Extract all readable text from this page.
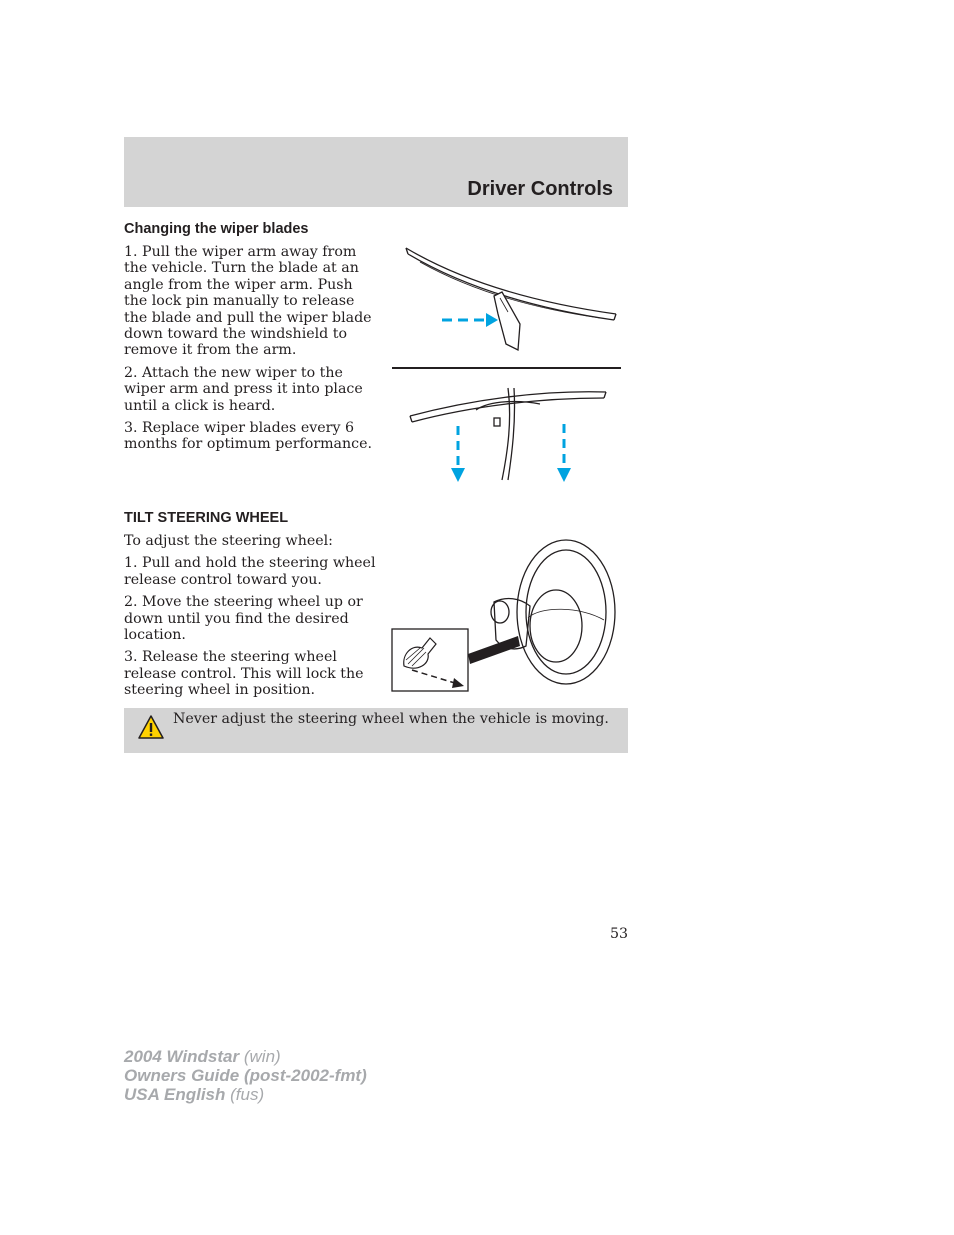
Driver Controls
Changing the wiper blades

1. Pull the wiper arm away from the vehicle. Turn the blade at an angle from the wiper arm. Push the lock pin manually to release the blade and pull the wiper blade down toward the windshield to remove it from the arm.

2. Attach the new wiper to the wiper arm and press it into place until a click is heard.

3. Replace wiper blades every 6 months for optimum performance.

TILT STEERING WHEEL

To adjust the steering wheel:

1. Pull and hold the steering wheel release control toward you.

2. Move the steering wheel up or down until you find the desired location.

3. Release the steering wheel release control. This will lock the steering wheel in position.

Never adjust the steering wheel when the vehicle is moving.
53
2004 Windstar (win)
Owners Guide (post-2002-fmt)
USA English (fus)
